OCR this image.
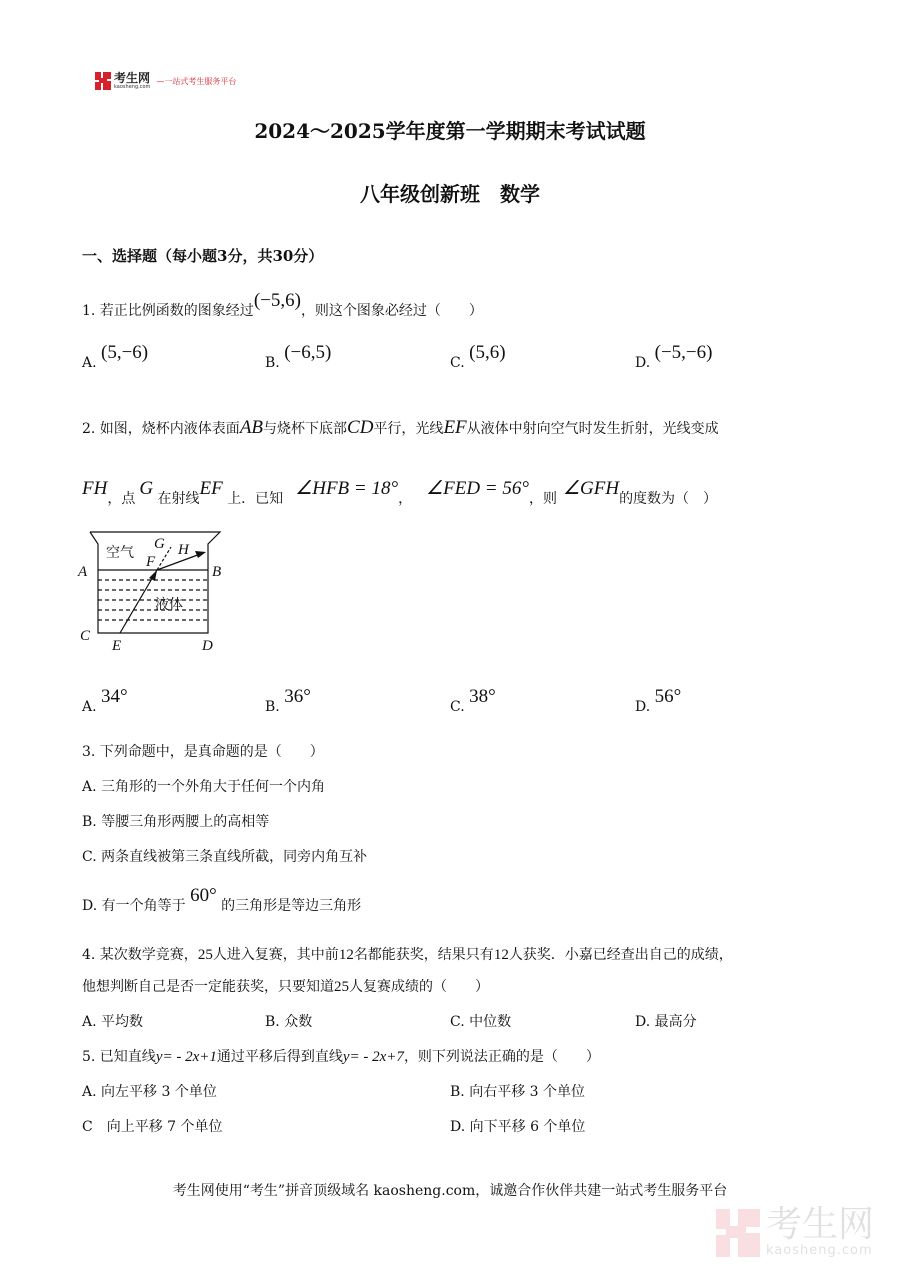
考生网
kaosheng.com
—一站式考生服务平台
2024～2025学年度第一学期期末考试试题
八年级创新班　数学
一、选择题（每小题3分，共30分）
1. 若正比例函数的图象经过(−5,6)，则这个图象必经过（　　）
A. (5,−6)	B. (−6,5)	C. (5,6)	D. (−5,−6)
2. 如图，烧杯内液体表面AB与烧杯下底部CD平行，光线EF从液体中射向空气时发生折射，光线变成
FH，点 G 在射线EF 上．已知 ∠HFB = 18°， ∠FED = 56°，则 ∠GFH的度数为（　）
A	B
C
D
E
F
G H
空气
液体
A. 34°	B. 36°	C. 38°	D. 56°
3. 下列命题中，是真命题的是（　　）
A. 三角形的一个外角大于任何一个内角
B. 等腰三角形两腰上的高相等
C. 两条直线被第三条直线所截，同旁内角互补
D. 有一个角等于 60° 的三角形是等边三角形
4. 某次数学竞赛，25人进入复赛，其中前12名都能获奖，结果只有12人获奖．小嘉已经查出自己的成绩，
他想判断自己是否一定能获奖，只要知道25人复赛成绩的（　　）
A. 平均数	B. 众数	C. 中位数	D. 最高分
5. 已知直线y= - 2x+1通过平移后得到直线y= - 2x+7，则下列说法正确的是（　　）
A. 向左平移 3 个单位	B. 向右平移 3 个单位
C　向上平移 7 个单位	D. 向下平移 6 个单位
考生网使用“考生”拼音顶级域名 kaosheng.com，诚邀合作伙伴共建一站式考生服务平台
考生网
kaosheng.com
